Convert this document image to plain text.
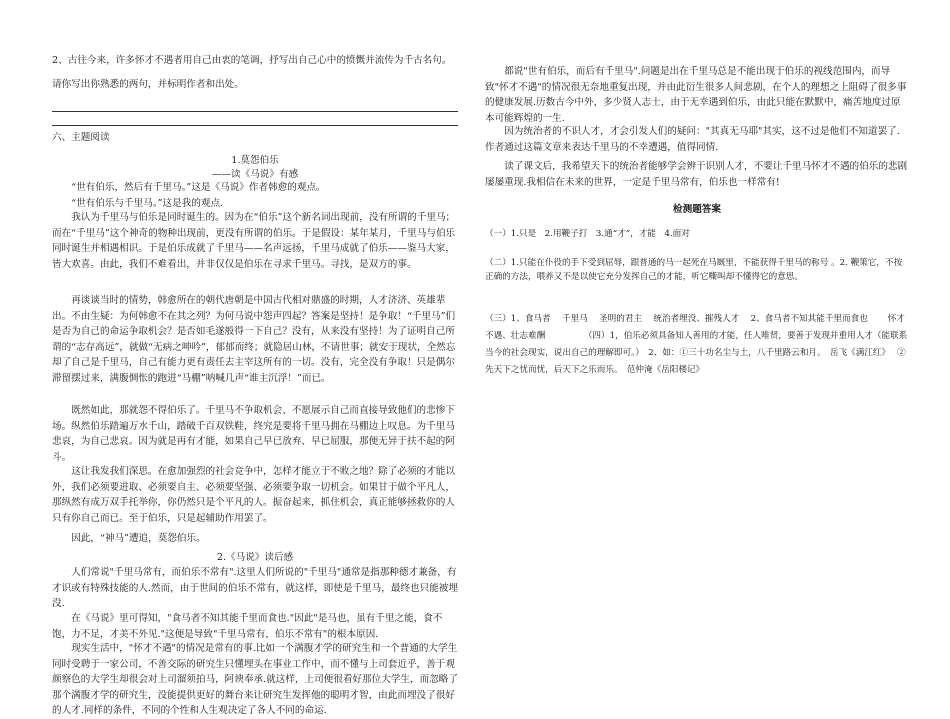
2、古往今来，许多怀才不遇者用自己由衷的笔调，抒写出自己心中的愤慨并流传为千古名句。

请你写出你熟悉的两句，并标明作者和出处。

六、主题阅读

1.莫怨伯乐

——读《马说》有感

“世有伯乐，然后有千里马。”这是《马说》作者韩愈的观点。

“世有伯乐与千里马。”这是我的观点.

我认为千里马与伯乐是同时诞生的。因为在“伯乐”这个新名词出现前，没有所谓的千里马；而在“千里马”这个神奇的物种出现前，更没有所谓的伯乐。于是假设：某年某月，千里马与伯乐同时诞生并相遇相识。于是伯乐成就了千里马——名声远扬，千里马成就了伯乐——鉴马大家，皆大欢喜。由此，我们不难看出，并非仅仅是伯乐在寻求千里马。寻找，是双方的事。

再谈谈当时的情势，韩愈所在的朝代唐朝是中国古代相对鼎盛的时期，人才济济、英雄辈出。不由生疑：为何韩愈不在其之列？为何马说中怨声四起？答案是坚持！是争取！“千里马”们是否为自己的命运争取机会？是否如毛遂般得一下自己？没有，从来没有坚持！为了证明自己所谓的“志存高远”，就做“无病之呻吟”，郁郁而终；就隐居山林，不请世事；就安于现状，全然忘却了自己是千里马，自己有能力更有责任去主宰这所有的一切。没有，完全没有争取！只是偶尔滞留摆过来，满腹惆怅的跑进“马棚”呐喊几声“谁主沉浮！”而已。

既然如此，那就怨不得伯乐了。千里马不争取机会、不愿展示自己而直接导致他们的悲惨下场。纵然伯乐踏遍万水千山，踏破千百双铁鞋，终究是要将千里马拥在马棚边上叹息。为千里马悲哀，为自己悲哀。因为就是再有才能，如果自己早已放弃、早已屈服，那便无异于扶不起的阿斗。

这让我发我们深思。在愈加强烈的社会竞争中，怎样才能立于不败之地？除了必须的才能以外，我们必须要进取、必须要自主、必须要坚强、必须要争取一切机会。如果甘于做个平凡人，那纵然有成万双手托举你，你仍然只是个平凡的人。振奋起来，抓住机会，真正能够拯救你的人只有你自己而已。至于伯乐，只是起辅助作用罢了。

因此，“神马”遭追，莫怨伯乐。

2.《马说》读后感

人们常说"千里马常有，而伯乐不常有".这里人们所说的"千里马"通常是指那种德才兼备，有才识或有特殊技能的人.然而，由于世间的伯乐不常有，就这样，即使是千里马，最终也只能被埋没.

在《马说》里可得知，"食马者不知其能千里而食也."因此"是马也，虽有千里之能，食不饱，力不足，才美不外见."这便是导致"千里马常有，伯乐不常有"的根本原因.

现实生活中，"怀才不遇"的情况是常有的事.比如一个满腹才学的研究生和一个普通的大学生同时受聘于一家公司，不善交际的研究生只懂埋头在事业工作中，而不懂与上司套近乎，善于观颜察色的大学生却很会对上司溜须拍马，阿谀奉承.就这样，上司便很看好那位大学生，而忽略了那个满腹才学的研究生，没能提供更好的舞台来让研究生发挥他的聪明才智，由此而埋没了很好的人才.同样的条件，不同的个性和人生观决定了各人不同的命运.

都说"世有伯乐，而后有千里马".问题是出在千里马总是不能出现于伯乐的视线范围内，而导致"怀才不遇"的情况很无奈地重复出现，并由此衍生很多人间悲剧，在个人的理想之上阻碍了很多事的健康发展.历数古今中外，多少贤人志士，由于无幸遇到伯乐，由此只能在默默中，痛苦地度过原本可能辉煌的一生.

因为统治者的不识人才，才会引发人们的疑问："其真无马耶"其实，这不过是他们不知道罢了.作者通过这篇文章来表达千里马的不幸遭遇，值得同情.

读了课文后，我希望天下的统治者能够学会辨于识别人才，不要让千里马怀才不遇的伯乐的悲剧屡屡重现.我相信在未来的世界，一定是千里马常有，伯乐也一样常有!

检测题答案

（一）1.只是　2.用鞭子打　3.通“才”，才能　4.面对

（二）1.只能在仆役的手下受到屈辱，跟普通的马一起死在马厩里，不能获得千里马的称号 。2. 鞭策它，不按正确的方法，喂养又不是以使它充分发挥自己的才能，听它嘶叫却不懂得它的意思。

（三）1、食马者　 千里马　 圣明的君主　 统治者埋没、摧残人才　 2、食马者不知其能千里而食也　　 怀才不遇、壮志难酬　　　　　（四）1，伯乐必须具备知人善用的才能，任人唯贤，要善于发现并重用人才（能联系当今的社会现实，说出自己的理解即可。）　2、如：①三十功名尘与土，八千里路云和月。　岳飞《满江红》　 ②先天下之忧而忧，后天下之乐而乐。　范仲淹《岳阳楼记》
